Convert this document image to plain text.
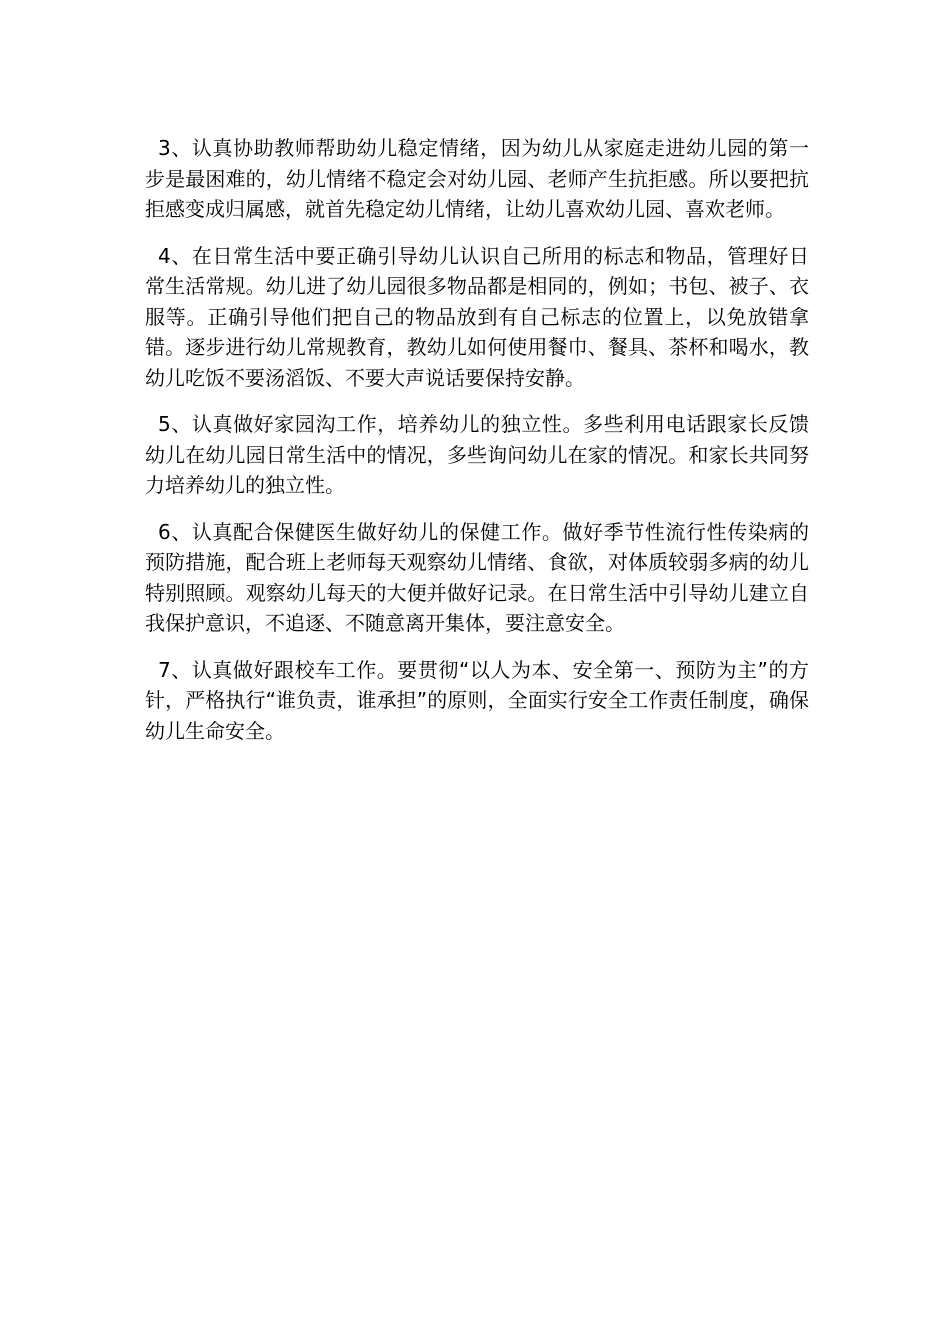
3、认真协助教师帮助幼儿稳定情绪，因为幼儿从家庭走进幼儿园的第一步是最困难的，幼儿情绪不稳定会对幼儿园、老师产生抗拒感。所以要把抗拒感变成归属感，就首先稳定幼儿情绪，让幼儿喜欢幼儿园、喜欢老师。

4、在日常生活中要正确引导幼儿认识自己所用的标志和物品，管理好日常生活常规。幼儿进了幼儿园很多物品都是相同的，例如；书包、被子、衣服等。正确引导他们把自己的物品放到有自己标志的位置上，以免放错拿错。逐步进行幼儿常规教育，教幼儿如何使用餐巾、餐具、茶杯和喝水，教幼儿吃饭不要汤滔饭、不要大声说话要保持安静。

5、认真做好家园沟工作，培养幼儿的独立性。多些利用电话跟家长反馈幼儿在幼儿园日常生活中的情况，多些询问幼儿在家的情况。和家长共同努力培养幼儿的独立性。

6、认真配合保健医生做好幼儿的保健工作。做好季节性流行性传染病的预防措施，配合班上老师每天观察幼儿情绪、食欲，对体质较弱多病的幼儿特别照顾。观察幼儿每天的大便并做好记录。在日常生活中引导幼儿建立自我保护意识，不追逐、不随意离开集体，要注意安全。

7、认真做好跟校车工作。要贯彻“以人为本、安全第一、预防为主”的方针，严格执行“谁负责，谁承担”的原则，全面实行安全工作责任制度，确保幼儿生命安全。
